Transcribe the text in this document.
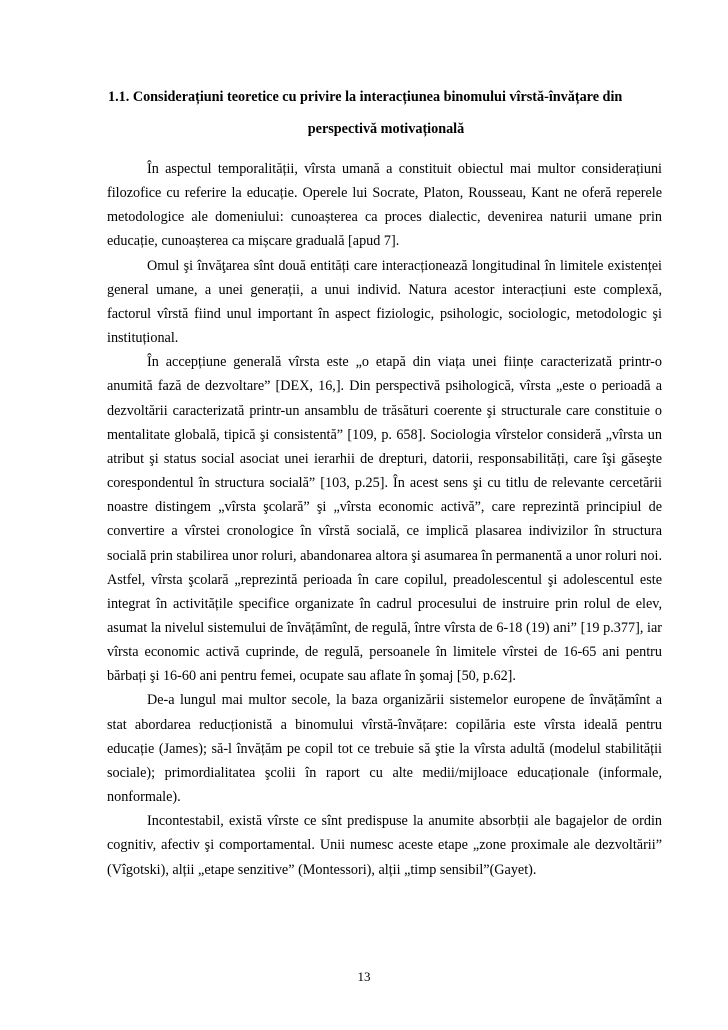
1.1. Considerațiuni teoretice cu privire la interacțiunea binomului vîrstă-învățare din
perspectivă motivațională

În aspectul temporalității, vîrsta umană a constituit obiectul mai multor considerațiuni filozofice cu referire la educație. Operele lui Socrate, Platon, Rousseau, Kant ne oferă reperele metodologice ale domeniului: cunoașterea ca proces dialectic, devenirea naturii umane prin educație, cunoașterea ca mișcare graduală [apud 7].

Omul şi învăţarea sînt două entități care interacționează longitudinal în limitele existenței general umane, a unei generații, a unui individ. Natura acestor interacțiuni este complexă, factorul vîrstă fiind unul important în aspect fiziologic, psihologic, sociologic, metodologic şi instituțional.

În accepțiune generală vîrsta este „o etapă din viața unei ființe caracterizată printr-o anumită fază de dezvoltare” [DEX, 16,]. Din perspectivă psihologică, vîrsta „este o perioadă a dezvoltării caracterizată printr-un ansamblu de trăsături coerente şi structurale care constituie o mentalitate globală, tipică şi consistentă” [109, p. 658]. Sociologia vîrstelor consideră „vîrsta un atribut şi status social asociat unei ierarhii de drepturi, datorii, responsabilități, care îşi găseşte corespondentul în structura socială” [103, p.25]. În acest sens şi cu titlu de relevante cercetării noastre distingem „vîrsta şcolară” şi „vîrsta economic activă”, care reprezintă principiul de convertire a vîrstei cronologice în vîrstă socială, ce implică plasarea indivizilor în structura socială prin stabilirea unor roluri, abandonarea altora şi asumarea în permanentă a unor roluri noi. Astfel, vîrsta şcolară „reprezintă perioada în care copilul, preadolescentul şi adolescentul este integrat în activitățile specifice organizate în cadrul procesului de instruire prin rolul de elev, asumat la nivelul sistemului de învățămînt, de regulă, între vîrsta de 6-18 (19) ani” [19 p.377], iar vîrsta economic activă cuprinde, de regulă, persoanele în limitele vîrstei de 16-65 ani pentru bărbați şi 16-60 ani pentru femei, ocupate sau aflate în şomaj [50, p.62].

De-a lungul mai multor secole, la baza organizării sistemelor europene de învățămînt a stat abordarea reducționistă a binomului vîrstă-învățare: copilăria este vîrsta ideală pentru educație (James); să-l învățăm pe copil tot ce trebuie să ştie la vîrsta adultă (modelul stabilității sociale); primordialitatea şcolii în raport cu alte medii/mijloace educaționale (informale, nonformale).

Incontestabil, există vîrste ce sînt predispuse la anumite absorbții ale bagajelor de ordin cognitiv, afectiv şi comportamental. Unii numesc aceste etape „zone proximale ale dezvoltării” (Vîgotski), alții „etape senzitive” (Montessori), alții „timp sensibil”(Gayet).

13
